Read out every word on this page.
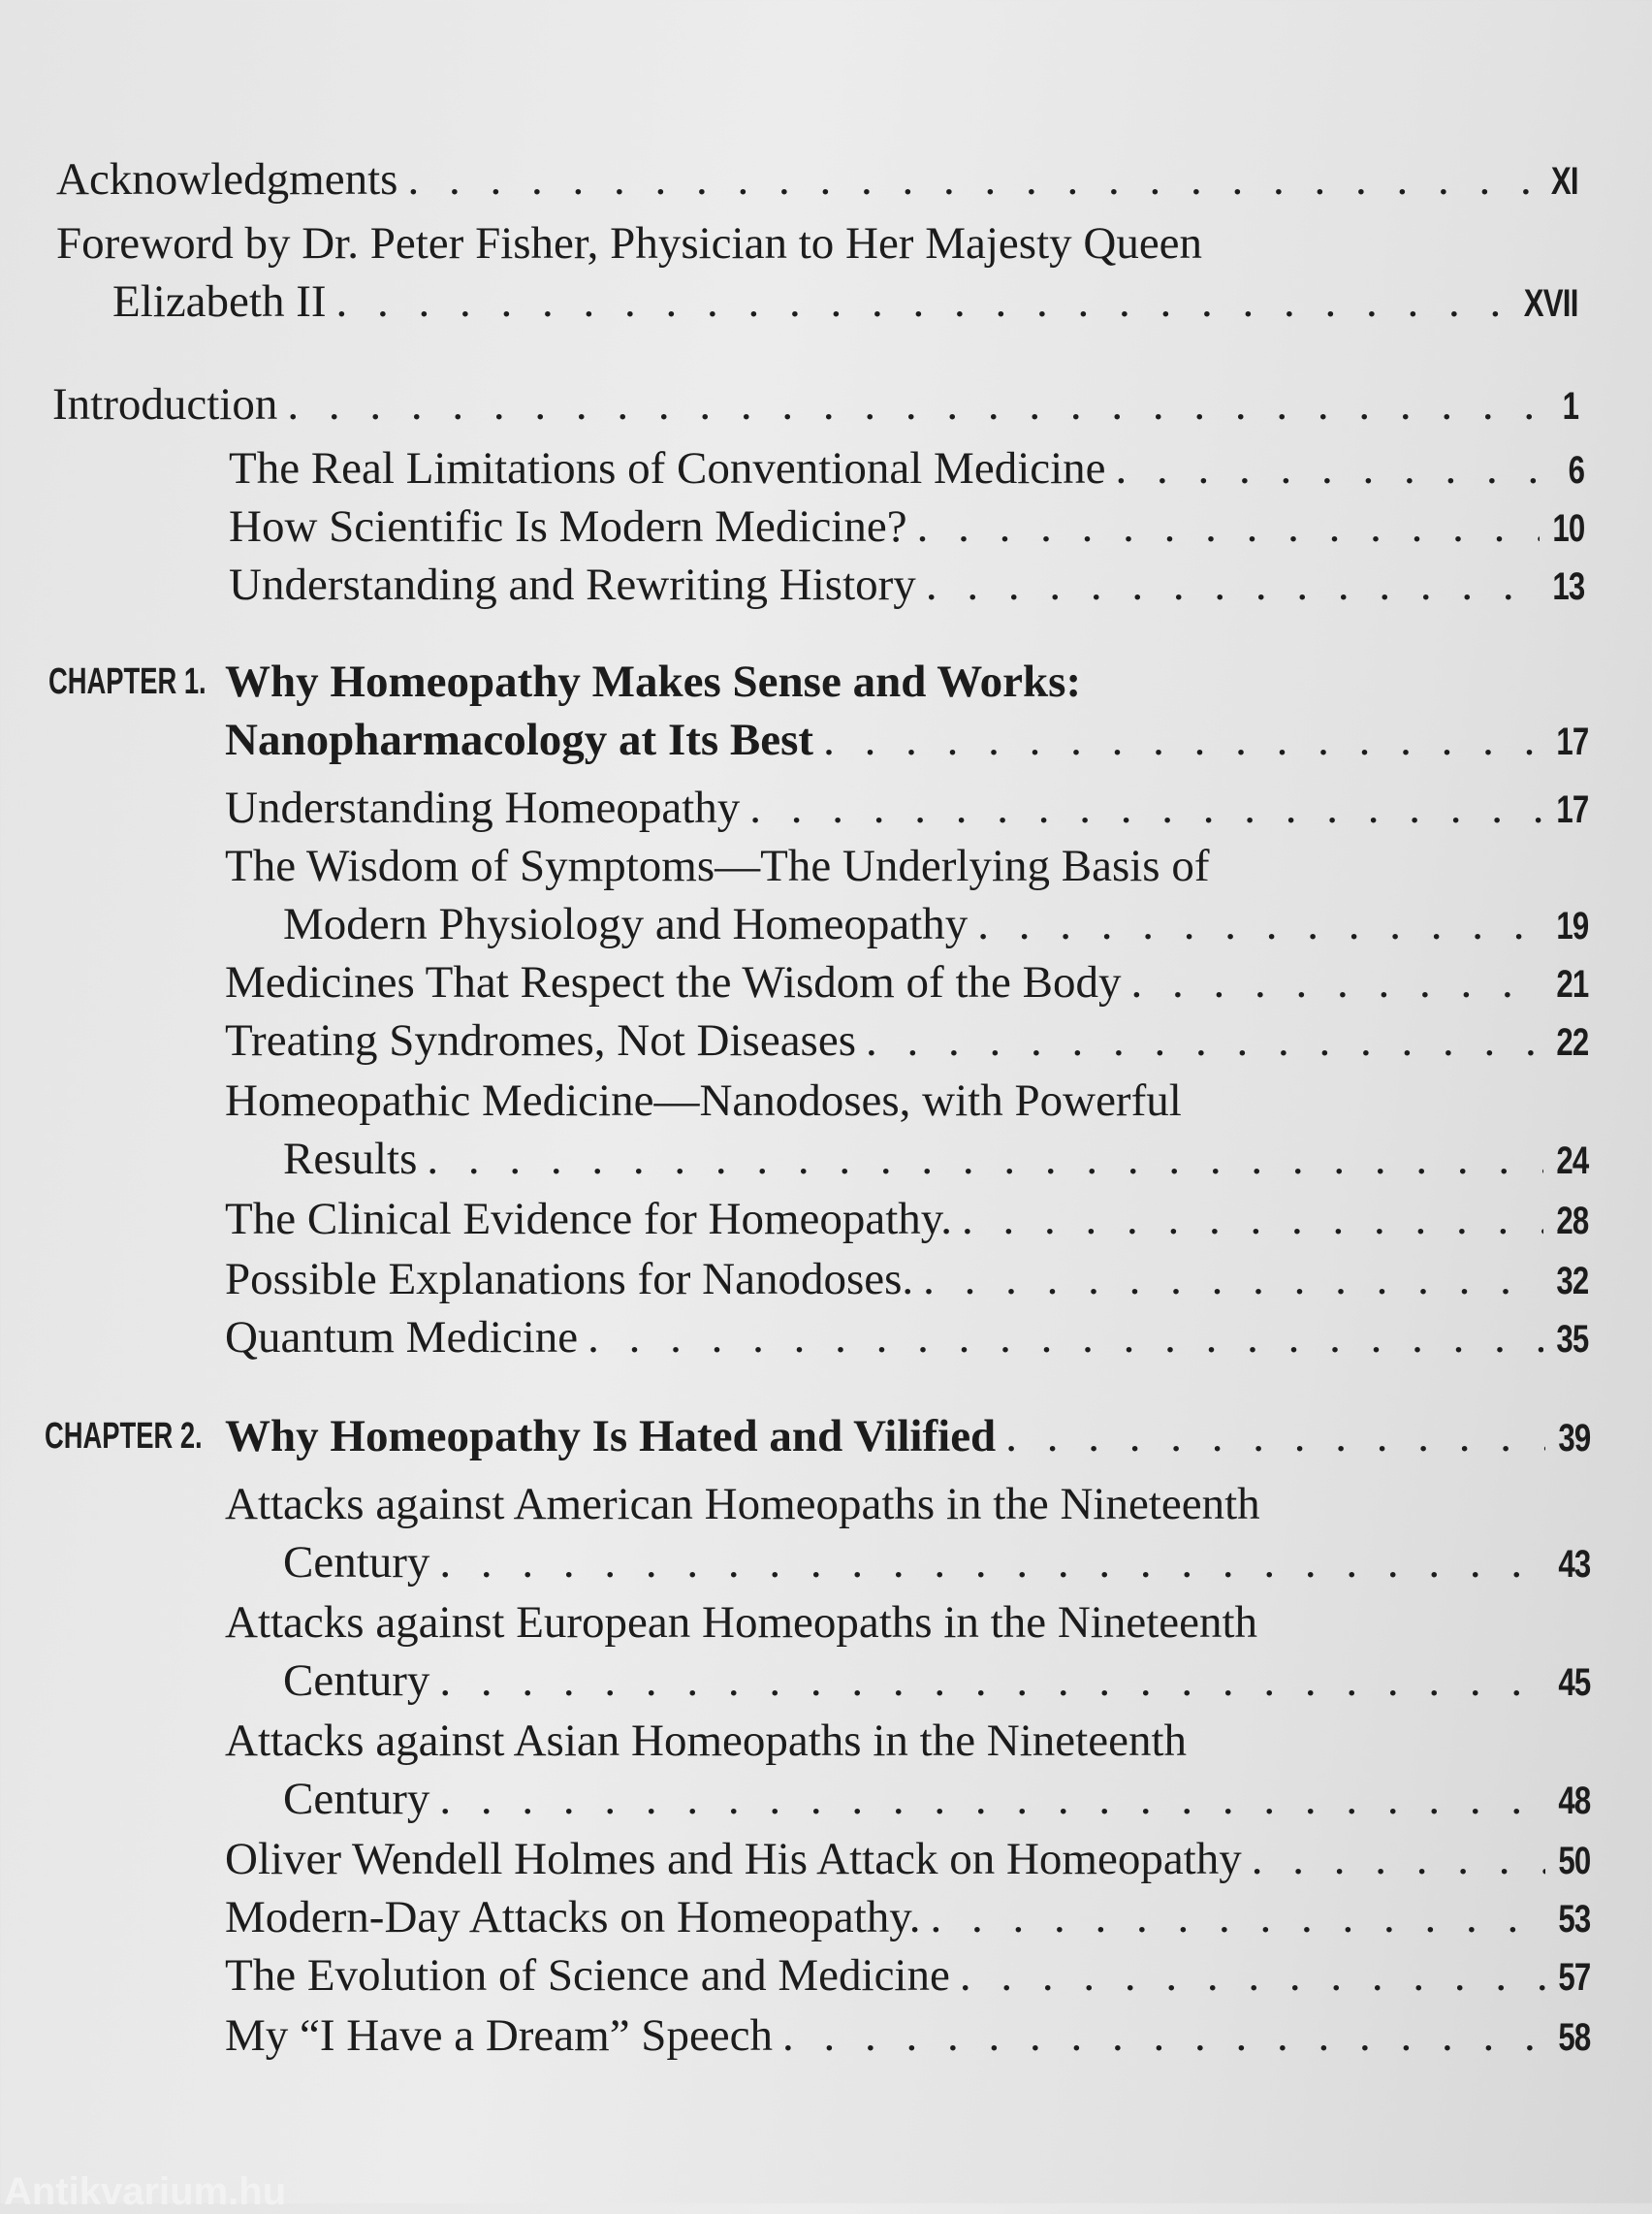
Acknowledgments . . .	XI
Foreword by Dr. Peter Fisher, Physician to Her Majesty Queen
Elizabeth II . . .	XVII
Introduction . . .	1
The Real Limitations of Conventional Medicine . . .	6
How Scientific Is Modern Medicine? . . .	10
Understanding and Rewriting History . . .	13
CHAPTER 1. Why Homeopathy Makes Sense and Works:
Nanopharmacology at Its Best . . .	17
Understanding Homeopathy . . .	17
The Wisdom of Symptoms—The Underlying Basis of
Modern Physiology and Homeopathy . . .	19
Medicines That Respect the Wisdom of the Body . . .	21
Treating Syndromes, Not Diseases . . .	22
Homeopathic Medicine—Nanodoses, with Powerful
Results . . .	24
The Clinical Evidence for Homeopathy. . . .	28
Possible Explanations for Nanodoses. . . .	32
Quantum Medicine . . .	35
CHAPTER 2. Why Homeopathy Is Hated and Vilified . . .	39
Attacks against American Homeopaths in the Nineteenth
Century . . .	43
Attacks against European Homeopaths in the Nineteenth
Century . . .	45
Attacks against Asian Homeopaths in the Nineteenth
Century . . .	48
Oliver Wendell Holmes and His Attack on Homeopathy . . .	50
Modern-Day Attacks on Homeopathy. . . .	53
The Evolution of Science and Medicine . . .	57
My “I Have a Dream” Speech . . .	58
Antikvarium.hu
